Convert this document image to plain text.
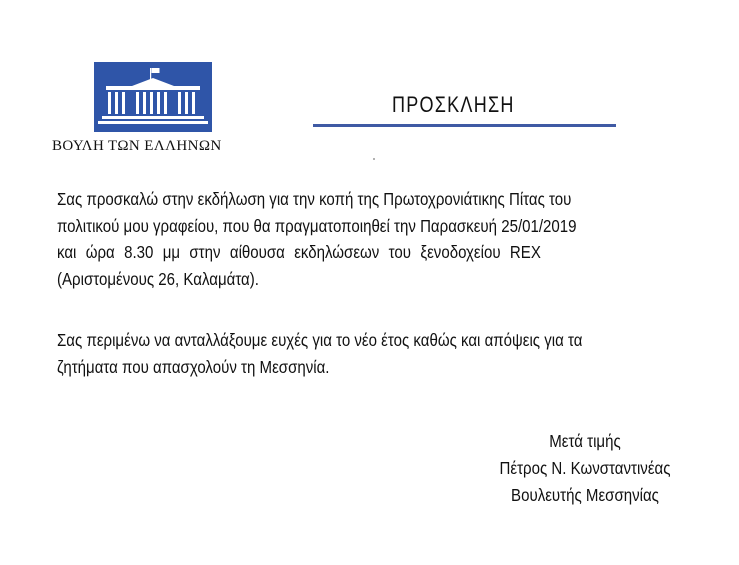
ΒΟΥΛΗ ΤΩΝ ΕΛΛΗΝΩΝ
ΠΡΟΣΚΛΗΣΗ
Σας προσκαλώ στην εκδήλωση για την κοπή της Πρωτοχρονιάτικης Πίτας του
πολιτικού μου γραφείου, που θα πραγματοποιηθεί την Παρασκευή 25/01/2019
και ώρα 8.30 μμ στην αίθουσα εκδηλώσεων του ξενοδοχείου REX
(Αριστομένους 26, Καλαμάτα).
Σας περιμένω να ανταλλάξουμε ευχές για το νέο έτος καθώς και απόψεις για τα
ζητήματα που απασχολούν τη Μεσσηνία.
Μετά τιμής
Πέτρος Ν. Κωνσταντινέας
Βουλευτής Μεσσηνίας
